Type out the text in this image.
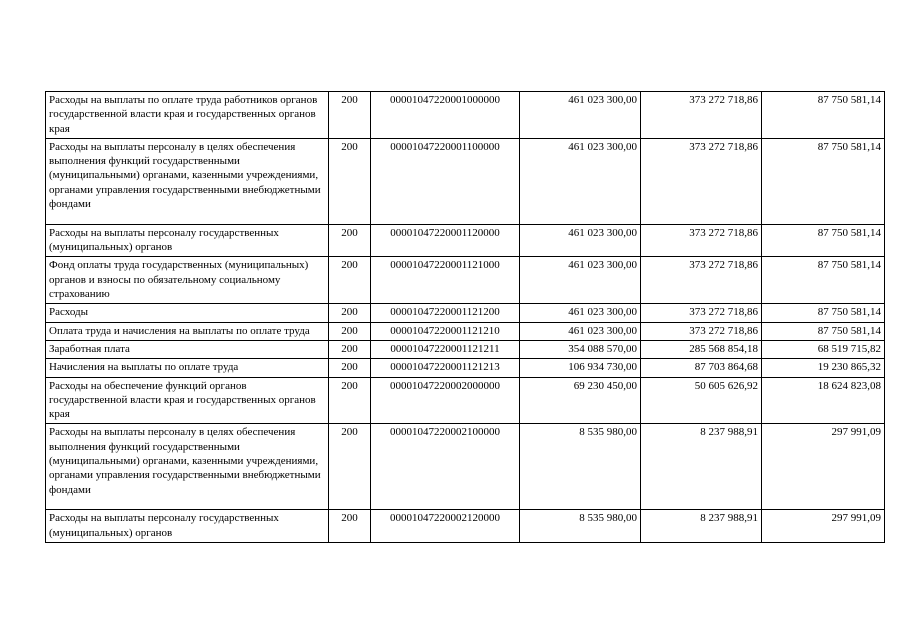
Расходы на выплаты по оплате труда работников органов государственной власти края и государственных органов края	200	00001047220001000000	461 023 300,00	373 272 718,86	87 750 581,14
Расходы на выплаты персоналу в целях обеспечения выполнения функций государственными (муниципальными) органами, казенными учреждениями, органами управления государственными внебюджетными фондами	200	00001047220001100000	461 023 300,00	373 272 718,86	87 750 581,14
Расходы на выплаты персоналу государственных (муниципальных) органов	200	00001047220001120000	461 023 300,00	373 272 718,86	87 750 581,14
Фонд оплаты труда государственных (муниципальных) органов и взносы по обязательному социальному страхованию	200	00001047220001121000	461 023 300,00	373 272 718,86	87 750 581,14
Расходы	200	00001047220001121200	461 023 300,00	373 272 718,86	87 750 581,14
Оплата труда и начисления на выплаты по оплате труда	200	00001047220001121210	461 023 300,00	373 272 718,86	87 750 581,14
Заработная плата	200	00001047220001121211	354 088 570,00	285 568 854,18	68 519 715,82
Начисления на выплаты по оплате труда	200	00001047220001121213	106 934 730,00	87 703 864,68	19 230 865,32
Расходы на обеспечение функций органов государственной власти края и государственных органов края	200	00001047220002000000	69 230 450,00	50 605 626,92	18 624 823,08
Расходы на выплаты персоналу в целях обеспечения выполнения функций государственными (муниципальными) органами, казенными учреждениями, органами управления государственными внебюджетными фондами	200	00001047220002100000	8 535 980,00	8 237 988,91	297 991,09
Расходы на выплаты персоналу государственных (муниципальных) органов	200	00001047220002120000	8 535 980,00	8 237 988,91	297 991,09
